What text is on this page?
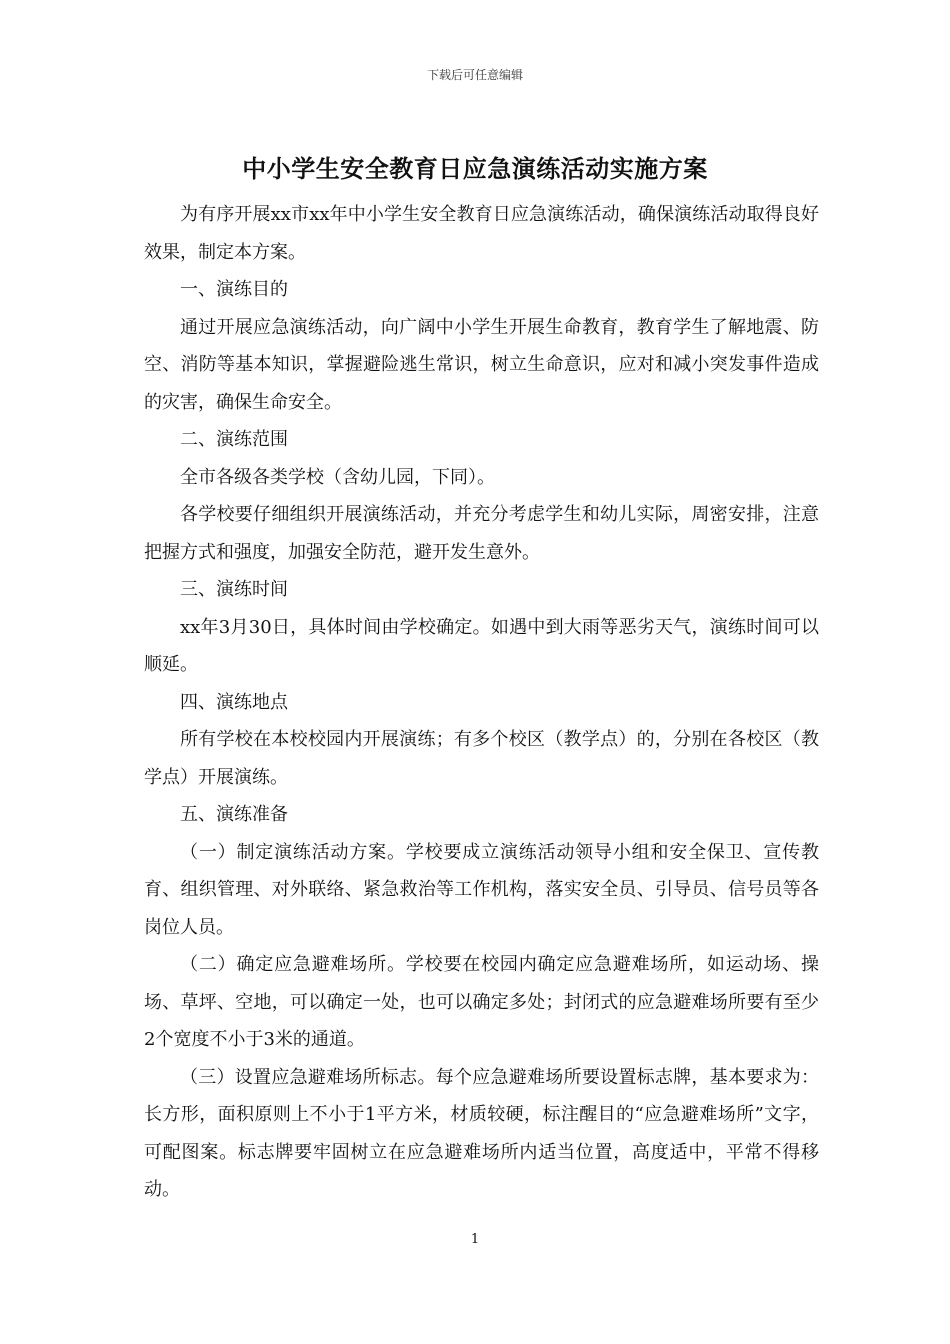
下载后可任意编辑
中小学生安全教育日应急演练活动实施方案

为有序开展xx市xx年中小学生安全教育日应急演练活动，确保演练活动取得良好效果，制定本方案。

一、演练目的

通过开展应急演练活动，向广阔中小学生开展生命教育，教育学生了解地震、防空、消防等基本知识，掌握避险逃生常识，树立生命意识，应对和减小突发事件造成的灾害，确保生命安全。

二、演练范围

全市各级各类学校（含幼儿园，下同）。

各学校要仔细组织开展演练活动，并充分考虑学生和幼儿实际，周密安排，注意把握方式和强度，加强安全防范，避开发生意外。

三、演练时间

xx年3月30日，具体时间由学校确定。如遇中到大雨等恶劣天气，演练时间可以顺延。

四、演练地点

所有学校在本校校园内开展演练；有多个校区（教学点）的，分别在各校区（教学点）开展演练。

五、演练准备

（一）制定演练活动方案。学校要成立演练活动领导小组和安全保卫、宣传教育、组织管理、对外联络、紧急救治等工作机构，落实安全员、引导员、信号员等各岗位人员。

（二）确定应急避难场所。学校要在校园内确定应急避难场所，如运动场、操场、草坪、空地，可以确定一处，也可以确定多处；封闭式的应急避难场所要有至少2个宽度不小于3米的通道。

（三）设置应急避难场所标志。每个应急避难场所要设置标志牌，基本要求为：长方形，面积原则上不小于1平方米，材质较硬，标注醒目的“应急避难场所”文字，可配图案。标志牌要牢固树立在应急避难场所内适当位置，高度适中，平常不得移动。

1
